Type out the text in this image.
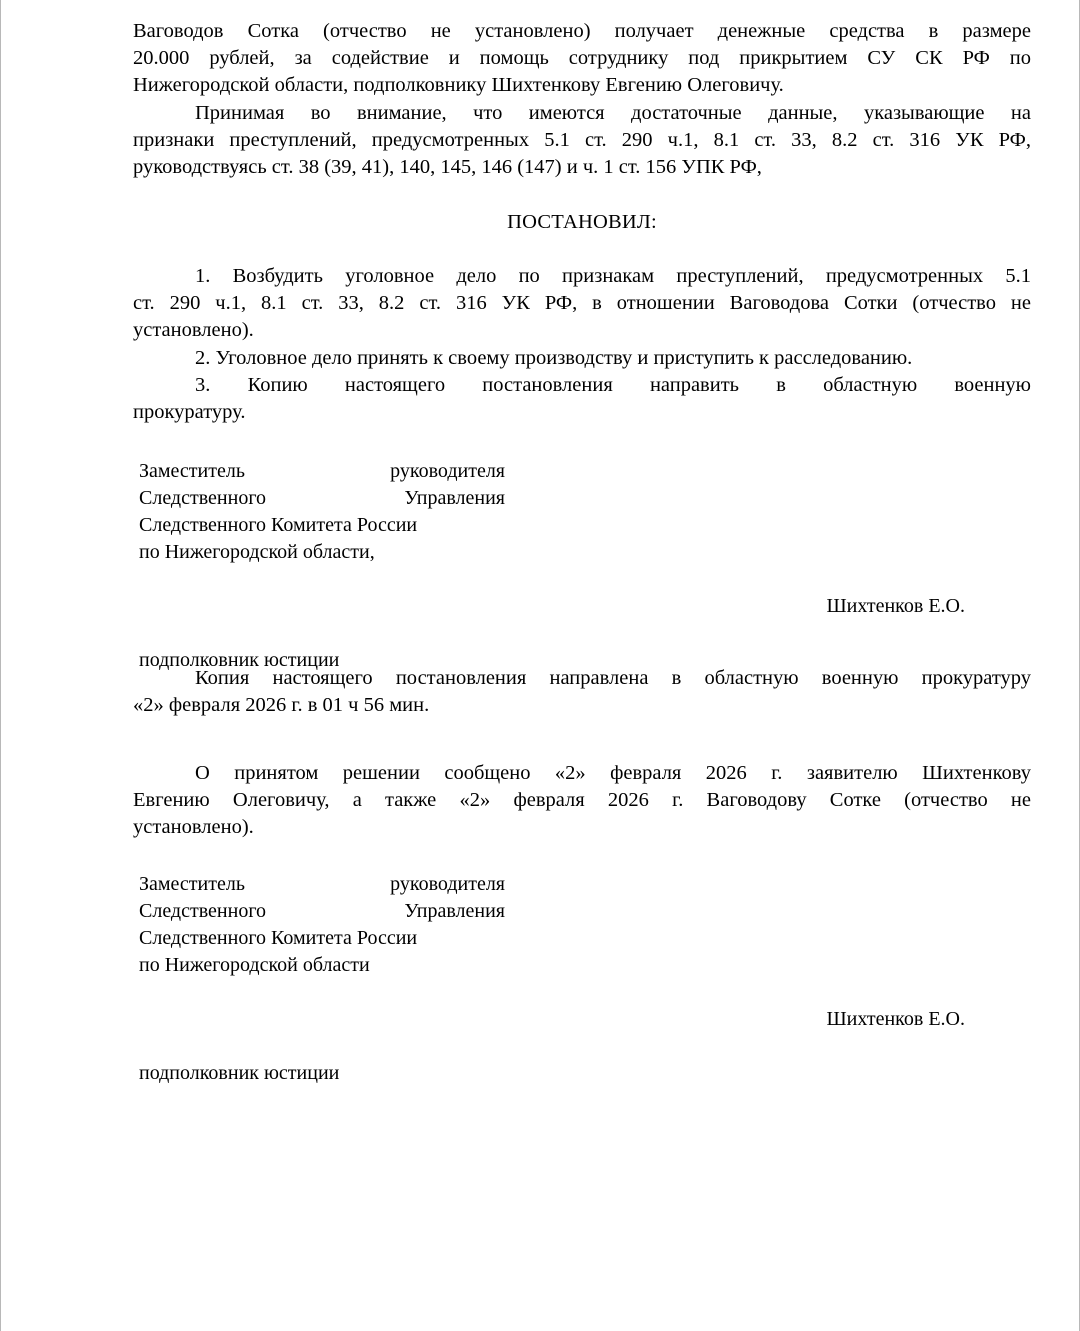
Ваговодов Сотка (отчество не установлено) получает денежные средства в размере
20.000 рублей, за содействие и помощь сотруднику под прикрытием СУ СК РФ по
Нижегородской области, подполковнику Шихтенкову Евгению Олеговичу.

Принимая во внимание, что имеются достаточные данные, указывающие на
признаки преступлений, предусмотренных 5.1 ст. 290 ч.1, 8.1 ст. 33, 8.2 ст. 316 УК РФ,
руководствуясь ст. 38 (39, 41), 140, 145, 146 (147) и ч. 1 ст. 156 УПК РФ,

ПОСТАНОВИЛ:

1. Возбудить уголовное дело по признакам преступлений, предусмотренных 5.1
ст. 290 ч.1, 8.1 ст. 33, 8.2 ст. 316 УК РФ, в отношении Ваговодова Сотки (отчество не
установлено).

2. Уголовное дело принять к своему производству и приступить к расследованию.

3. Копию настоящего постановления направить в областную военную
прокуратуру.

Заместитель руководителя
Следственного Управления
Следственного Комитета России
по Нижегородской области,
Шихтенков Е.О.
подполковник юстиции
Копия настоящего постановления направлена в областную военную прокуратуру
«2» февраля 2026 г. в 01 ч 56 мин.
О принятом решении сообщено «2» февраля 2026 г. заявителю Шихтенкову
Евгению Олеговичу, а также «2» февраля 2026 г. Ваговодову Сотке (отчество не
установлено).
Заместитель руководителя
Следственного Управления
Следственного Комитета России
по Нижегородской области
Шихтенков Е.О.
подполковник юстиции
